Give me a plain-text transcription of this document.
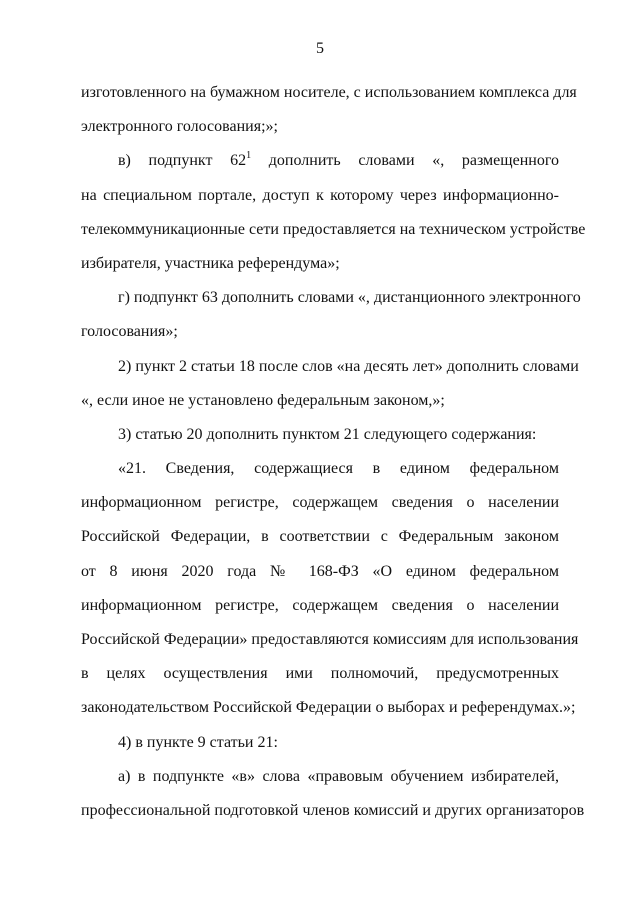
5
изготовленного на бумажном носителе, с использованием комплекса для
электронного голосования;»;
в) подпункт $62^1$ дополнить словами «, размещенного
на специальном портале, доступ к которому через информационно-
телекоммуникационные сети предоставляется на техническом устройстве
избирателя, участника референдума»;
г) подпункт 63 дополнить словами «, дистанционного электронного
голосования»;
2) пункт 2 статьи 18 после слов «на десять лет» дополнить словами
«, если иное не установлено федеральным законом,»;
3) статью 20 дополнить пунктом 21 следующего содержания:
«21. Сведения, содержащиеся в едином федеральном
информационном регистре, содержащем сведения о населении
Российской Федерации, в соответствии с Федеральным законом
от 8 июня 2020 года № 168-ФЗ «О едином федеральном
информационном регистре, содержащем сведения о населении
Российской Федерации» предоставляются комиссиям для использования
в целях осуществления ими полномочий, предусмотренных
законодательством Российской Федерации о выборах и референдумах.»;
4) в пункте 9 статьи 21:
а) в подпункте «в» слова «правовым обучением избирателей,
профессиональной подготовкой членов комиссий и других организаторов
